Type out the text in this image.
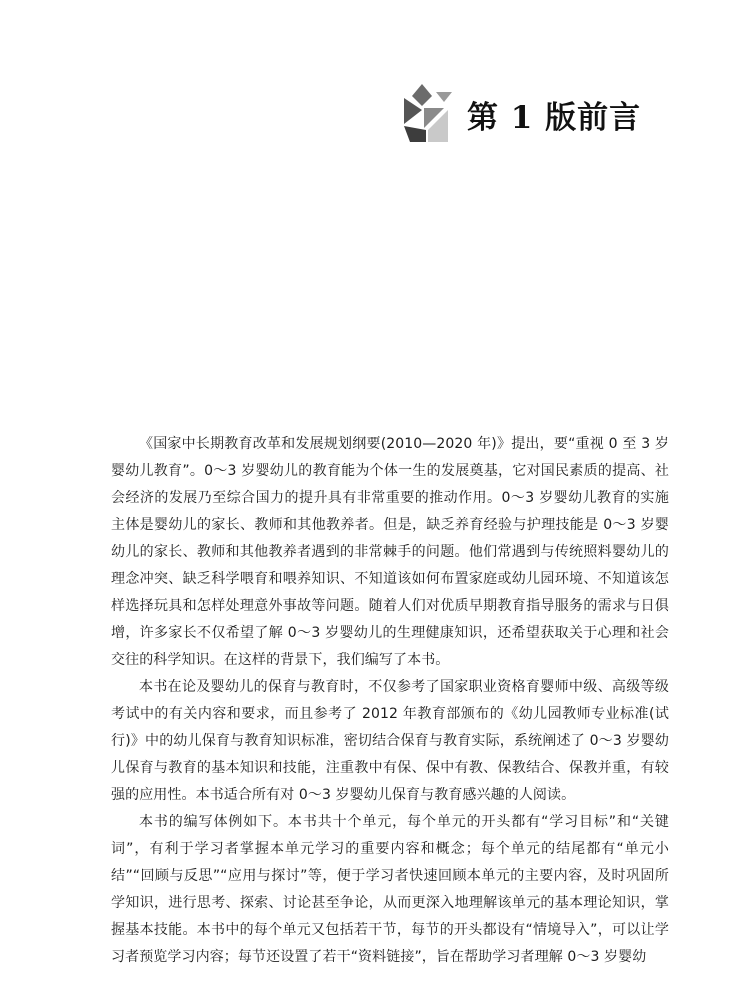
第 1 版前言

《国家中长期教育改革和发展规划纲要(2010—2020 年)》提出，要“重视 0 至 3 岁婴幼儿教育”。0～3 岁婴幼儿的教育能为个体一生的发展奠基，它对国民素质的提高、社会经济的发展乃至综合国力的提升具有非常重要的推动作用。0～3 岁婴幼儿教育的实施主体是婴幼儿的家长、教师和其他教养者。但是，缺乏养育经验与护理技能是 0～3 岁婴幼儿的家长、教师和其他教养者遇到的非常棘手的问题。他们常遇到与传统照料婴幼儿的理念冲突、缺乏科学喂育和喂养知识、不知道该如何布置家庭或幼儿园环境、不知道该怎样选择玩具和怎样处理意外事故等问题。随着人们对优质早期教育指导服务的需求与日俱增，许多家长不仅希望了解 0～3 岁婴幼儿的生理健康知识，还希望获取关于心理和社会交往的科学知识。在这样的背景下，我们编写了本书。

本书在论及婴幼儿的保育与教育时，不仅参考了国家职业资格育婴师中级、高级等级考试中的有关内容和要求，而且参考了 2012 年教育部颁布的《幼儿园教师专业标准(试行)》中的幼儿保育与教育知识标准，密切结合保育与教育实际，系统阐述了 0～3 岁婴幼儿保育与教育的基本知识和技能，注重教中有保、保中有教、保教结合、保教并重，有较强的应用性。本书适合所有对 0～3 岁婴幼儿保育与教育感兴趣的人阅读。

本书的编写体例如下。本书共十个单元，每个单元的开头都有“学习目标”和“关键词”，有利于学习者掌握本单元学习的重要内容和概念；每个单元的结尾都有“单元小结”“回顾与反思”“应用与探讨”等，便于学习者快速回顾本单元的主要内容，及时巩固所学知识，进行思考、探索、讨论甚至争论，从而更深入地理解该单元的基本理论知识，掌握基本技能。本书中的每个单元又包括若干节，每节的开头都设有“情境导入”，可以让学习者预览学习内容；每节还设置了若干“资料链接”，旨在帮助学习者理解 0～3 岁婴幼
